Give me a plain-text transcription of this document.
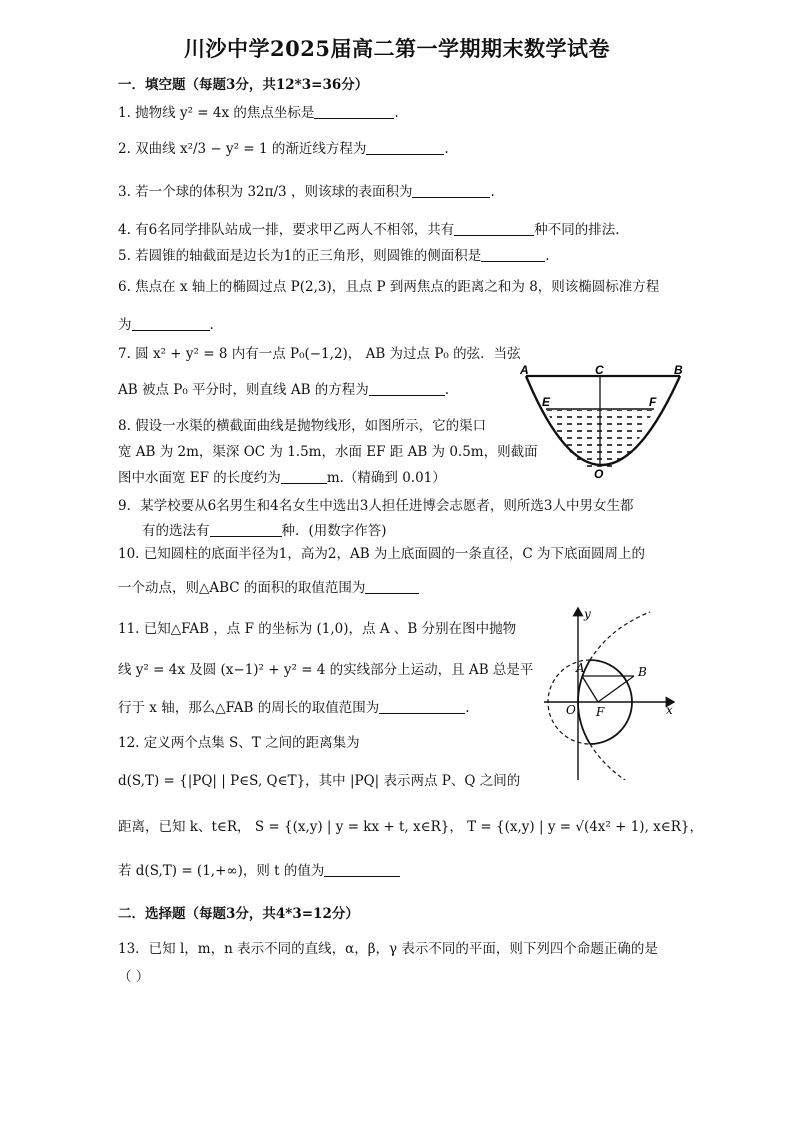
川沙中学2025届高二第一学期期末数学试卷
一．填空题（每题3分，共12*3=36分）
1. 抛物线 y² = 4x 的焦点坐标是	.
2. 双曲线 x²/3 − y² = 1 的渐近线方程为	.
3. 若一个球的体积为 32π/3 ，则该球的表面积为	.
4. 有6名同学排队站成一排，要求甲乙两人不相邻，共有	种不同的排法.
5. 若圆锥的轴截面是边长为1的正三角形，则圆锥的侧面积是	.
6. 焦点在 x 轴上的椭圆过点 P(2,3)，且点 P 到两焦点的距离之和为 8，则该椭圆标准方程
为	.
7. 圆 x² + y² = 8 内有一点 P₀(−1,2)， AB 为过点 P₀ 的弦．当弦
AB 被点 P₀ 平分时，则直线 AB 的方程为	.
8. 假设一水渠的横截面曲线是抛物线形，如图所示，它的渠口
宽 AB 为 2m，渠深 OC 为 1.5m，水面 EF 距 AB 为 0.5m，则截面
图中水面宽 EF 的长度约为	m.（精确到 0.01）
A	C	B
E	F
O
9．某学校要从6名男生和4名女生中选出3人担任进博会志愿者，则所选3人中男女生都
有的选法有	种．(用数字作答)
10. 已知圆柱的底面半径为1，高为2，AB 为上底面圆的一条直径，C 为下底面圆周上的
一个动点，则△ABC 的面积的取值范围为
11. 已知△FAB ，点 F 的坐标为 (1,0)，点 A 、B 分别在图中抛物
线 y² = 4x 及圆 (x−1)² + y² = 4 的实线部分上运动，且 AB 总是平
行于 x 轴，那么△FAB 的周长的取值范围为	.
y
x
O F
A	B
12. 定义两个点集 S、T 之间的距离集为
d(S,T) = {|PQ| | P∈S, Q∈T}，其中 |PQ| 表示两点 P、Q 之间的
距离，已知 k、t∈R， S = {(x,y) | y = kx + t, x∈R}， T = {(x,y) | y = √(4x² + 1), x∈R}，
若 d(S,T) = (1,+∞)，则 t 的值为
二．选择题（每题3分，共4*3=12分）
13．已知 l，m，n 表示不同的直线，α，β，γ 表示不同的平面，则下列四个命题正确的是
（ ）
